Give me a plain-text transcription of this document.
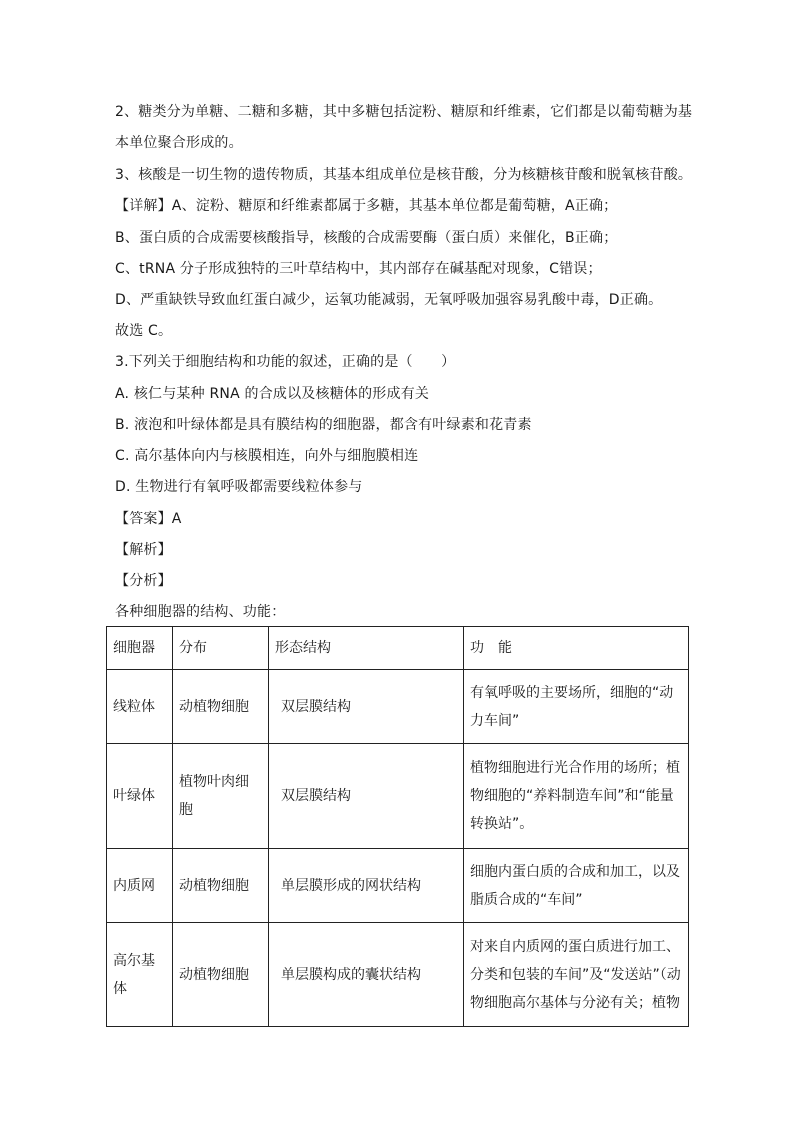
2、糖类分为单糖、二糖和多糖，其中多糖包括淀粉、糖原和纤维素，它们都是以葡萄糖为基
本单位聚合形成的。
3、核酸是一切生物的遗传物质，其基本组成单位是核苷酸，分为核糖核苷酸和脱氧核苷酸。
【详解】A、淀粉、糖原和纤维素都属于多糖，其基本单位都是葡萄糖，A正确；
B、蛋白质的合成需要核酸指导，核酸的合成需要酶（蛋白质）来催化，B正确；
C、tRNA 分子形成独特的三叶草结构中，其内部存在碱基配对现象，C错误；
D、严重缺铁导致血红蛋白减少，运氧功能减弱，无氧呼吸加强容易乳酸中毒，D正确。
故选 C。
3.下列关于细胞结构和功能的叙述，正确的是（　　）
A. 核仁与某种 RNA 的合成以及核糖体的形成有关
B. 液泡和叶绿体都是具有膜结构的细胞器，都含有叶绿素和花青素
C. 高尔基体向内与核膜相连，向外与细胞膜相连
D. 生物进行有氧呼吸都需要线粒体参与
【答案】A
【解析】
【分析】
各种细胞器的结构、功能：
细胞器	分布	形态结构	功　能
线粒体	动植物细胞	双层膜结构	有氧呼吸的主要场所，细胞的“动力车间”

叶绿体	植物叶肉细胞	双层膜结构	植物细胞进行光合作用的场所；植物细胞的“养料制造车间”和“能量转换站”。

内质网	动植物细胞	单层膜形成的网状结构	细胞内蛋白质的合成和加工，以及脂质合成的“车间”

高尔基体	动植物细胞	单层膜构成的囊状结构	对来自内质网的蛋白质进行加工、分类和包装的车间”及“发送站”（动物细胞高尔基体与分泌有关；植物
